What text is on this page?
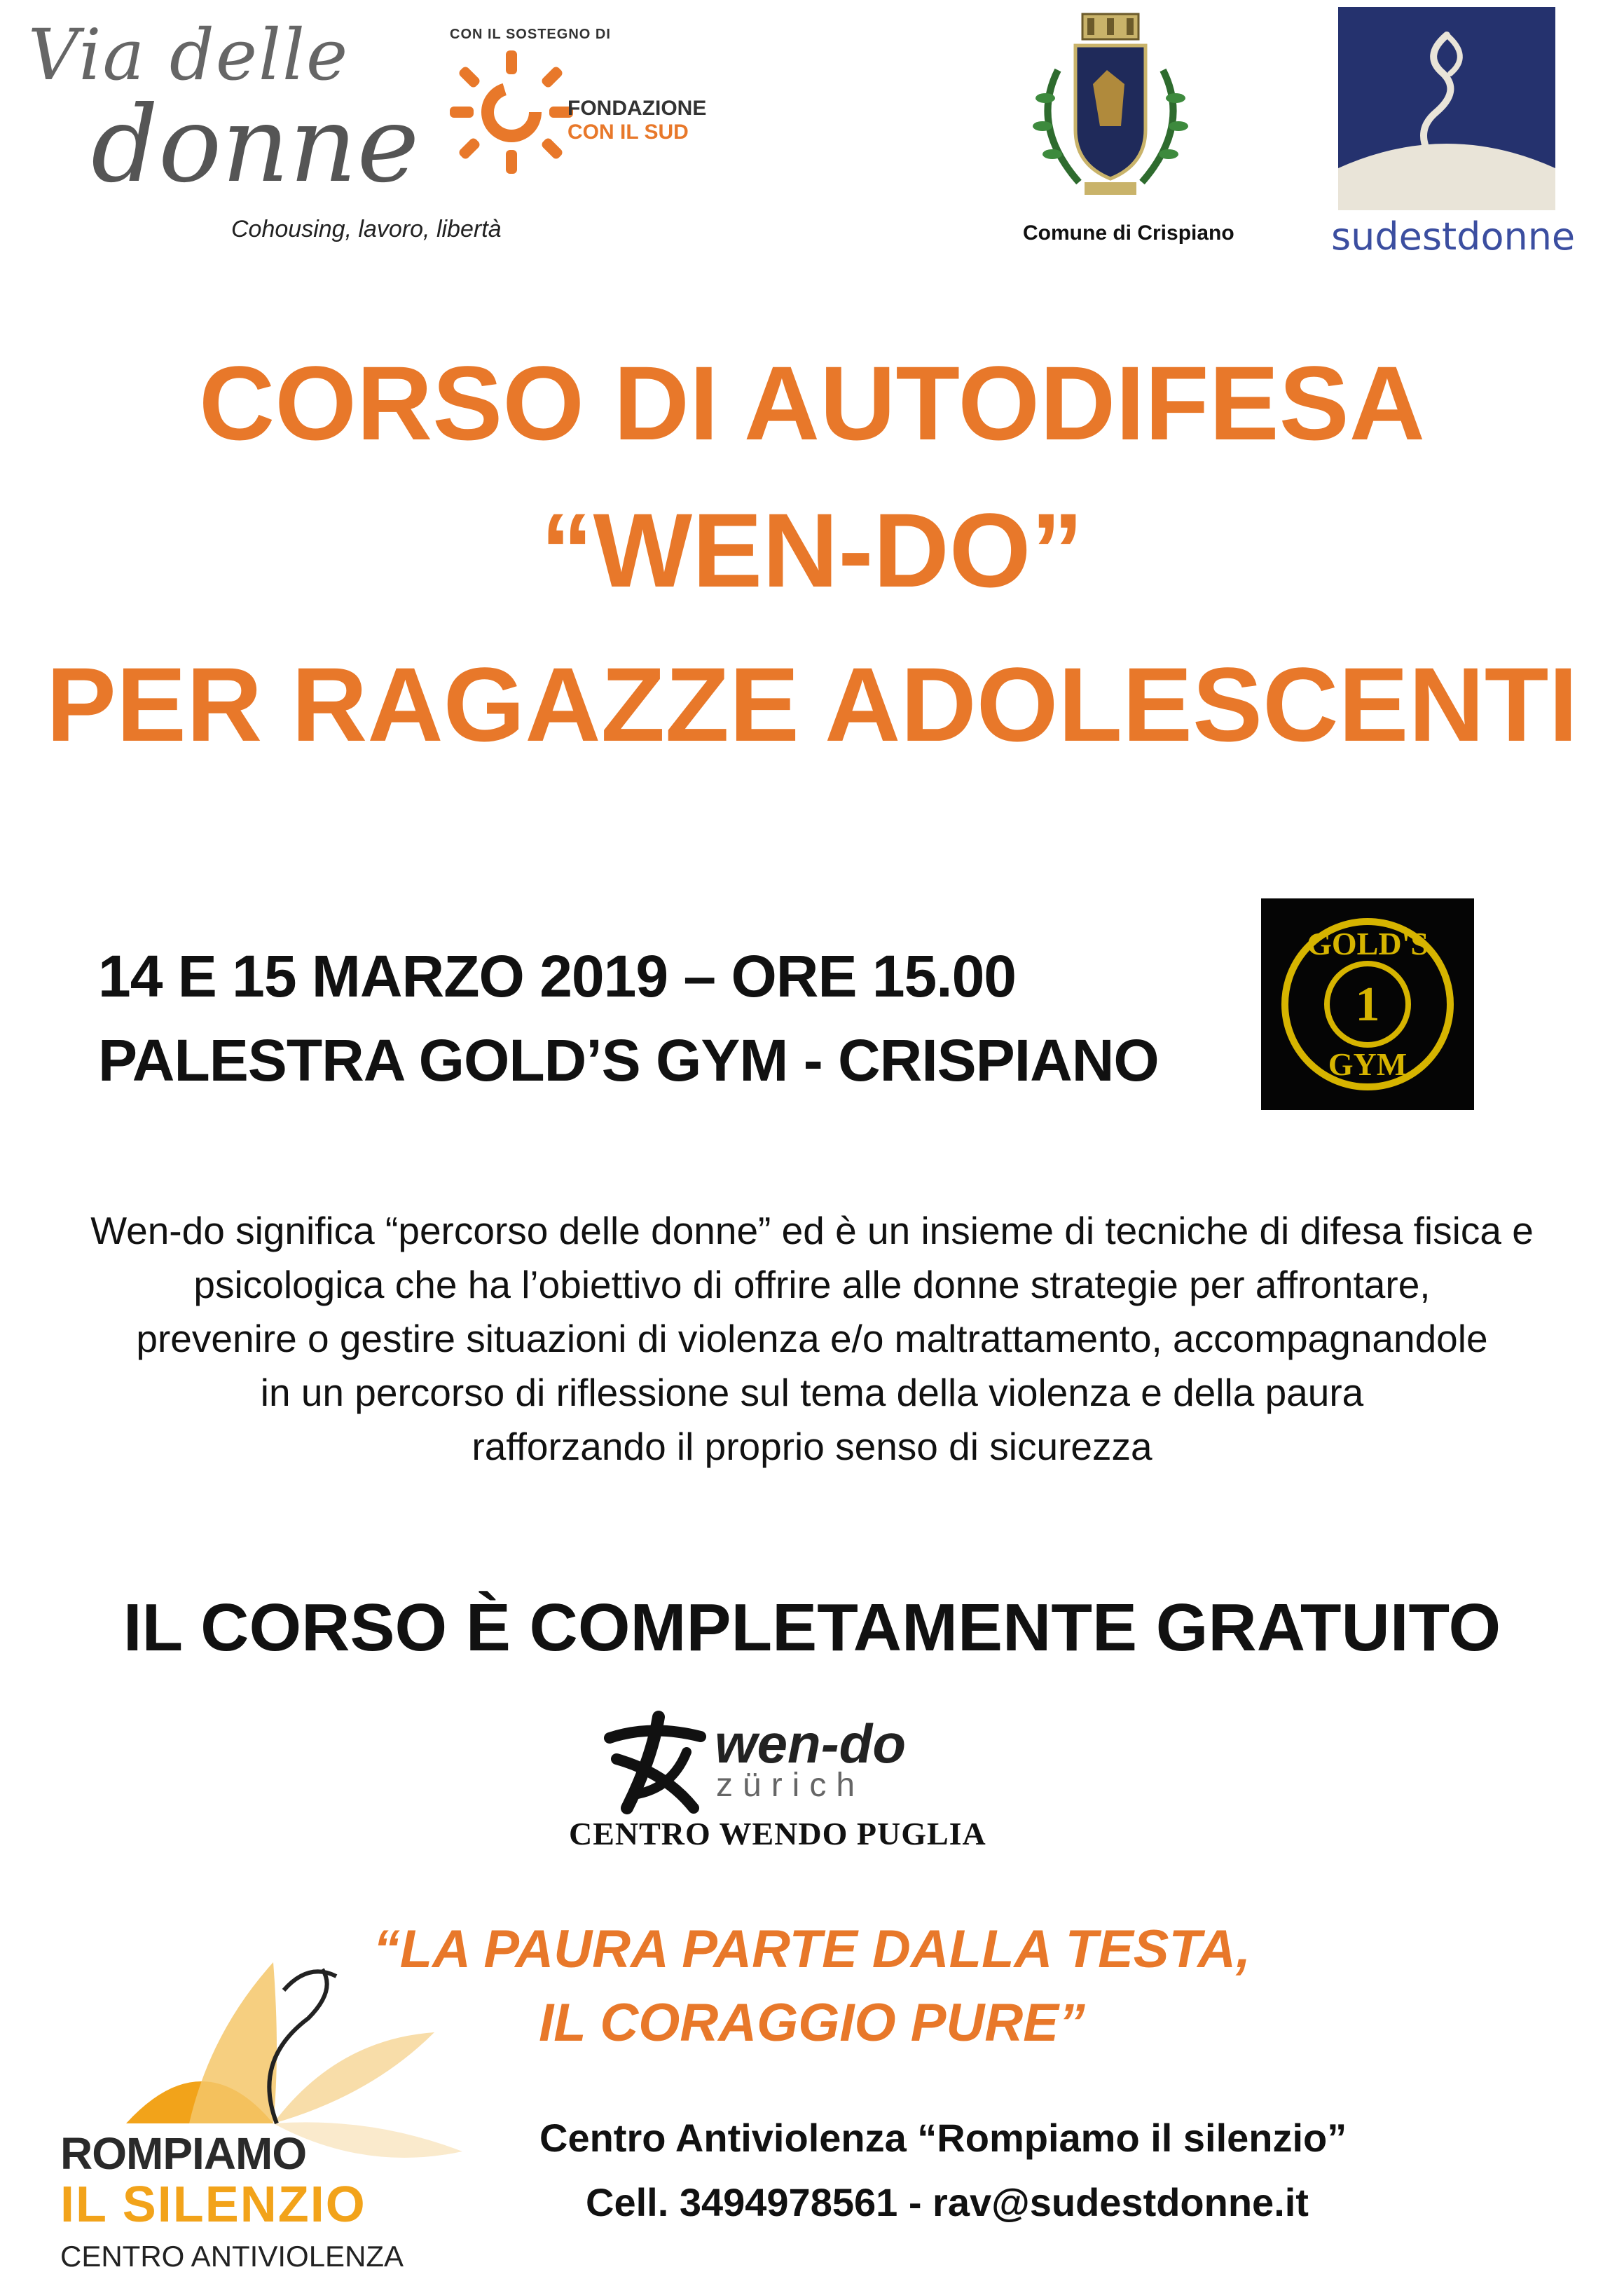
Via delle
donne
Cohousing, lavoro, libertà
CON IL SOSTEGNO DI
FONDAZIONE
CON IL SUD
Comune di Crispiano	sudestdonne
CORSO DI AUTODIFESA
“WEN-DO”
PER RAGAZZE ADOLESCENTI
14 E 15 MARZO 2019 – ORE 15.00
PALESTRA GOLD’S GYM - CRISPIANO
1
GOLD'S
GYM
Wen-do significa “percorso delle donne” ed è un insieme di tecniche di difesa fisica e
psicologica che ha l’obiettivo di offrire alle donne strategie per affrontare,
prevenire o gestire situazioni di violenza e/o maltrattamento, accompagnandole
in un percorso di riflessione sul tema della violenza e della paura
rafforzando il proprio senso di sicurezza
IL CORSO È COMPLETAMENTE GRATUITO
wen-do
zürich
CENTRO WENDO PUGLIA
“LA PAURA PARTE DALLA TESTA,
IL CORAGGIO PURE”
ROMPIAMO
IL SILENZIO
CENTRO ANTIVIOLENZA
Centro Antiviolenza “Rompiamo il silenzio”
Cell. 3494978561 - rav@sudestdonne.it
